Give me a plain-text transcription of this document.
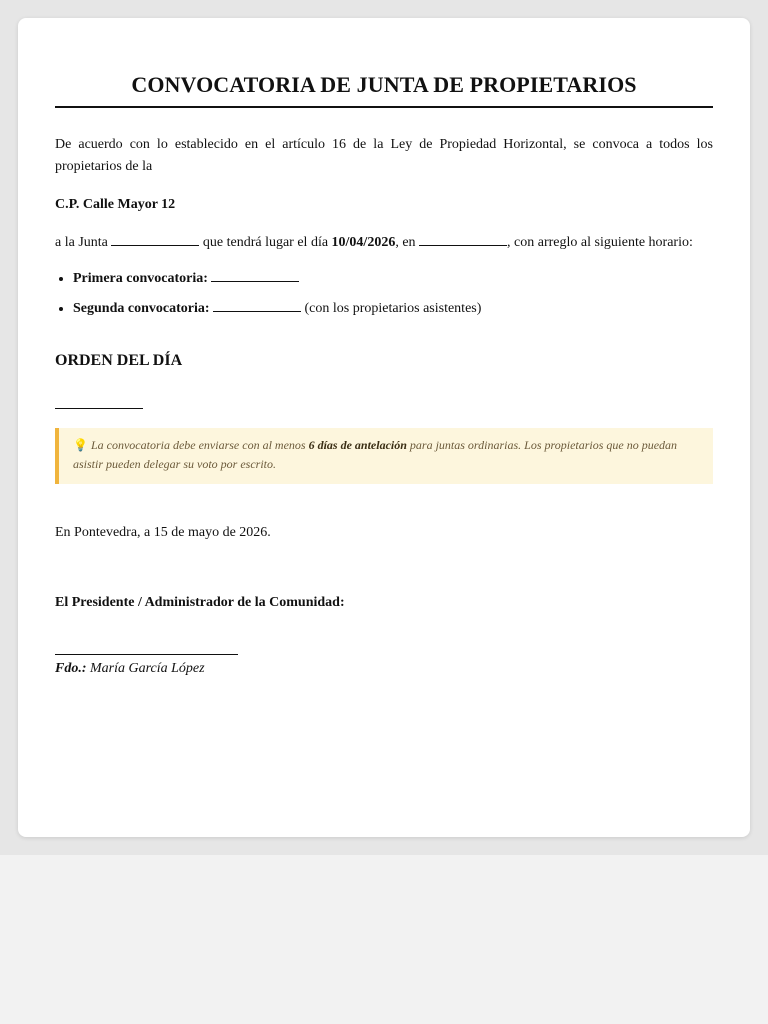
CONVOCATORIA DE JUNTA DE PROPIETARIOS

De acuerdo con lo establecido en el artículo 16 de la Ley de Propiedad Horizontal, se convoca a todos los propietarios de la

C.P. Calle Mayor 12

a la Junta	que tendrá lugar el día 10/04/2026, en	, con arreglo al siguiente horario:

• Primera convocatoria:
• Segunda convocatoria:	(con los propietarios asistentes)
ORDEN DEL DÍA
💡 La convocatoria debe enviarse con al menos 6 días de antelación para juntas ordinarias. Los propietarios que no puedan asistir pueden delegar su voto por escrito.

En Pontevedra, a 15 de mayo de 2026.

El Presidente / Administrador de la Comunidad:

Fdo.: María García López
